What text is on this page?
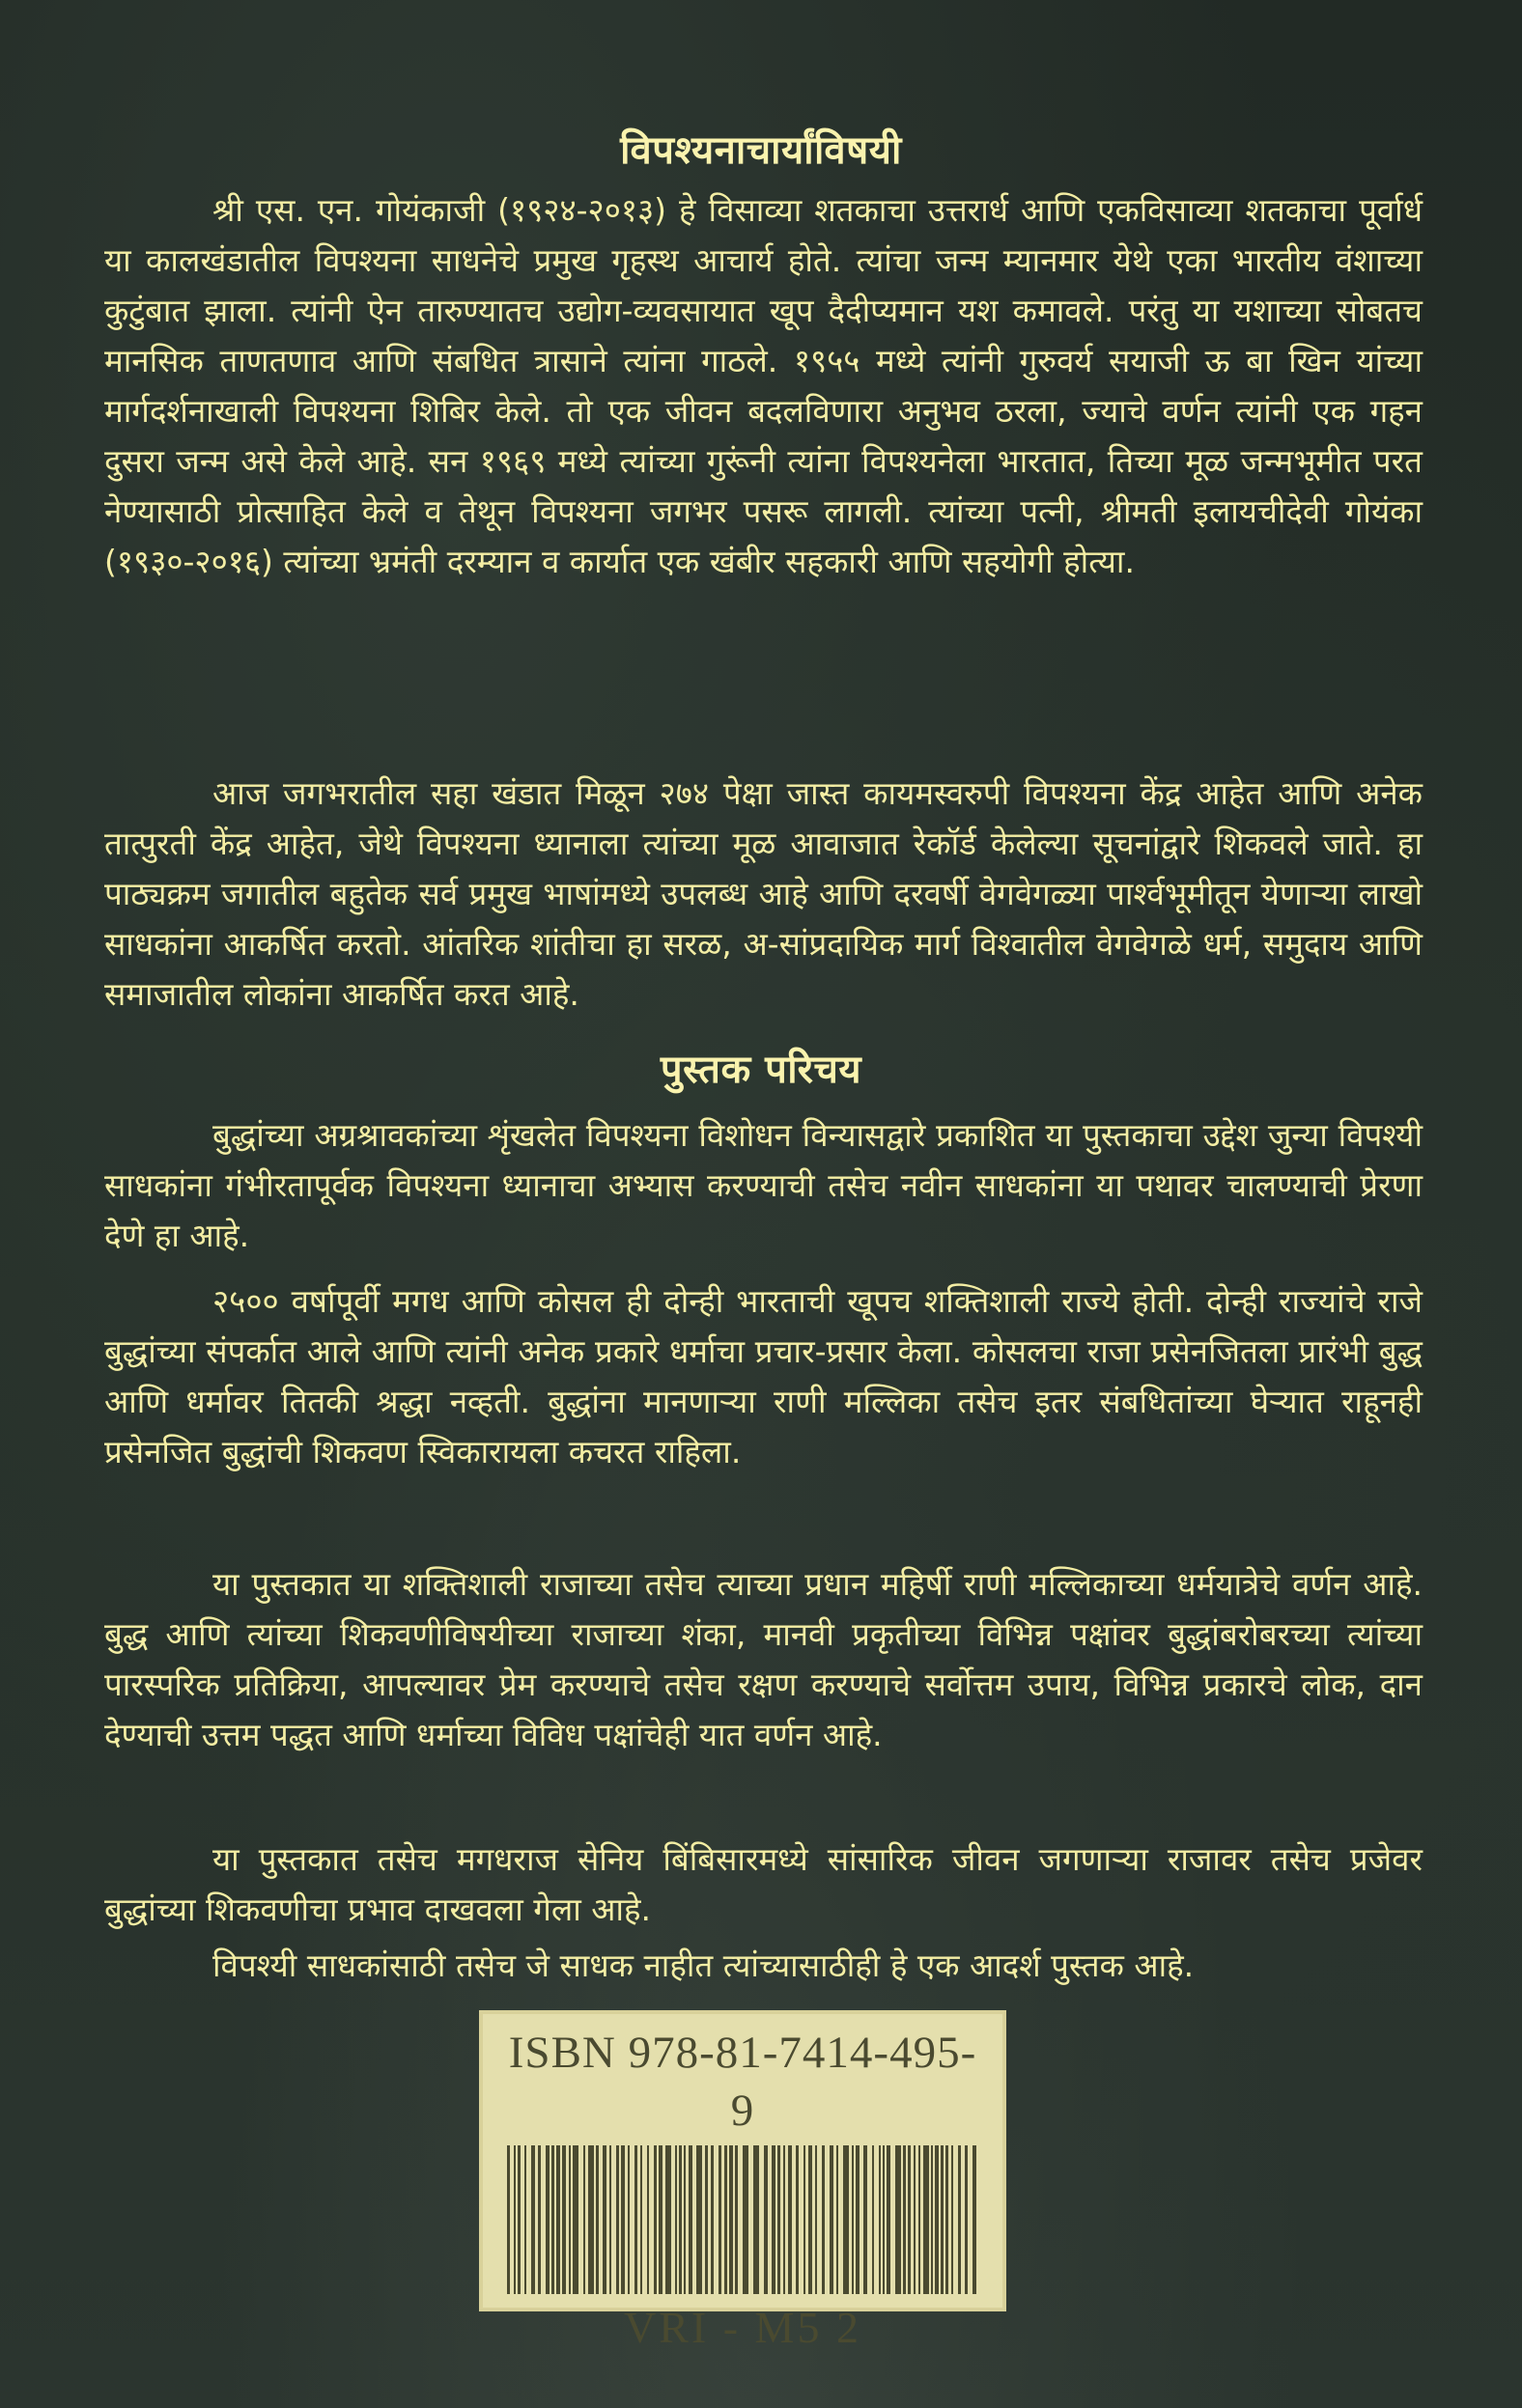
विपश्यनाचार्यांविषयी

श्री एस. एन. गोयंकाजी (१९२४-२०१३) हे विसाव्या शतकाचा उत्तरार्ध आणि एकविसाव्या शतकाचा पूर्वार्ध या कालखंडातील विपश्यना साधनेचे प्रमुख गृहस्थ आचार्य होते. त्यांचा जन्म म्यानमार येथे एका भारतीय वंशाच्या कुटुंबात झाला. त्यांनी ऐन तारुण्यातच उद्योग-व्यवसायात खूप दैदीप्यमान यश कमावले. परंतु या यशाच्या सोबतच मानसिक ताणतणाव आणि संबधित त्रासाने त्यांना गाठले. १९५५ मध्ये त्यांनी गुरुवर्य सयाजी ऊ बा खिन यांच्या मार्गदर्शनाखाली विपश्यना शिबिर केले. तो एक जीवन बदलविणारा अनुभव ठरला, ज्याचे वर्णन त्यांनी एक गहन दुसरा जन्म असे केले आहे. सन १९६९ मध्ये त्यांच्या गुरूंनी त्यांना विपश्यनेला भारतात, तिच्या मूळ जन्मभूमीत परत नेण्यासाठी प्रोत्साहित केले व तेथून विपश्यना जगभर पसरू लागली. त्यांच्या पत्नी, श्रीमती इलायचीदेवी गोयंका (१९३०-२०१६) त्यांच्या भ्रमंती दरम्यान व कार्यात एक खंबीर सहकारी आणि सहयोगी होत्या.

आज जगभरातील सहा खंडात मिळून २७४ पेक्षा जास्त कायमस्वरुपी विपश्यना केंद्र आहेत आणि अनेक तात्पुरती केंद्र आहेत, जेथे विपश्यना ध्यानाला त्यांच्या मूळ आवाजात रेकॉर्ड केलेल्या सूचनांद्वारे शिकवले जाते. हा पाठ्यक्रम जगातील बहुतेक सर्व प्रमुख भाषांमध्ये उपलब्ध आहे आणि दरवर्षी वेगवेगळ्या पार्श्वभूमीतून येणाऱ्या लाखो साधकांना आकर्षित करतो. आंतरिक शांतीचा हा सरळ, अ-सांप्रदायिक मार्ग विश्वातील वेगवेगळे धर्म, समुदाय आणि समाजातील लोकांना आकर्षित करत आहे.

पुस्तक परिचय

बुद्धांच्या अग्रश्रावकांच्या शृंखलेत विपश्यना विशोधन विन्यासद्वारे प्रकाशित या पुस्तकाचा उद्देश जुन्या विपश्यी साधकांना गंभीरतापूर्वक विपश्यना ध्यानाचा अभ्यास करण्याची तसेच नवीन साधकांना या पथावर चालण्याची प्रेरणा देणे हा आहे.

२५०० वर्षापूर्वी मगध आणि कोसल ही दोन्ही भारताची खूपच शक्तिशाली राज्ये होती. दोन्ही राज्यांचे राजे बुद्धांच्या संपर्कात आले आणि त्यांनी अनेक प्रकारे धर्माचा प्रचार-प्रसार केला. कोसलचा राजा प्रसेनजितला प्रारंभी बुद्ध आणि धर्मावर तितकी श्रद्धा नव्हती. बुद्धांना मानणाऱ्या राणी मल्लिका तसेच इतर संबधितांच्या घेऱ्यात राहूनही प्रसेनजित बुद्धांची शिकवण स्विकारायला कचरत राहिला.

या पुस्तकात या शक्तिशाली राजाच्या तसेच त्याच्या प्रधान महिर्षी राणी मल्लिकाच्या धर्मयात्रेचे वर्णन आहे. बुद्ध आणि त्यांच्या शिकवणीविषयीच्या राजाच्या शंका, मानवी प्रकृतीच्या विभिन्न पक्षांवर बुद्धांबरोबरच्या त्यांच्या पारस्परिक प्रतिक्रिया, आपल्यावर प्रेम करण्याचे तसेच रक्षण करण्याचे सर्वोत्तम उपाय, विभिन्न प्रकारचे लोक, दान देण्याची उत्तम पद्धत आणि धर्माच्या विविध पक्षांचेही यात वर्णन आहे.

या पुस्तकात तसेच मगधराज सेनिय बिंबिसारमध्ये सांसारिक जीवन जगणाऱ्या राजावर तसेच प्रजेवर बुद्धांच्या शिकवणीचा प्रभाव दाखवला गेला आहे.

विपश्यी साधकांसाठी तसेच जे साधक नाहीत त्यांच्यासाठीही हे एक आदर्श पुस्तक आहे.

ISBN 978-81-7414-495-9
VRI - M5 2
